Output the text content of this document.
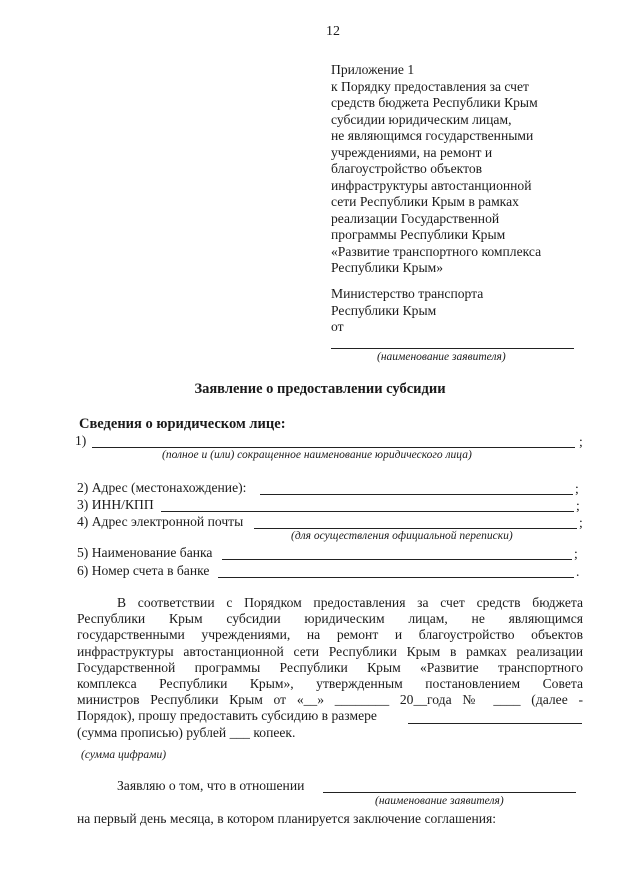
12
Приложение 1
к Порядку предоставления за счет
средств бюджета Республики Крым
субсидии юридическим лицам,
не являющимся государственными
учреждениями, на ремонт и
благоустройство объектов
инфраструктуры автостанционной
сети Республики Крым в рамках
реализации Государственной
программы Республики Крым
«Развитие транспортного комплекса
Республики Крым»
Министерство транспорта
Республики Крым
от
(наименование заявителя)
Заявление о предоставлении субсидии
Сведения о юридическом лице:
1)	;
(полное и (или) сокращенное наименование юридического лица)
2) Адрес (местонахождение):	;
3) ИНН/КПП	;
4) Адрес электронной почты	;
(для осуществления официальной переписки)
5) Наименование банка	;
6) Номер счета в банке	.
В соответствии с Порядком предоставления за счет средств бюджета
Республики Крым субсидии юридическим лицам, не являющимся
государственными учреждениями, на ремонт и благоустройство объектов
инфраструктуры автостанционной сети Республики Крым в рамках реализации
Государственной программы Республики Крым «Развитие транспортного
комплекса Республики Крым», утвержденным постановлением Совета
министров Республики Крым от «__» ________ 20__года № ____ (далее -
Порядок), прошу предоставить субсидию в размере
(сумма прописью) рублей ___ копеек.
(сумма цифрами)
Заявляю о том, что в отношении
(наименование заявителя)
на первый день месяца, в котором планируется заключение соглашения:
